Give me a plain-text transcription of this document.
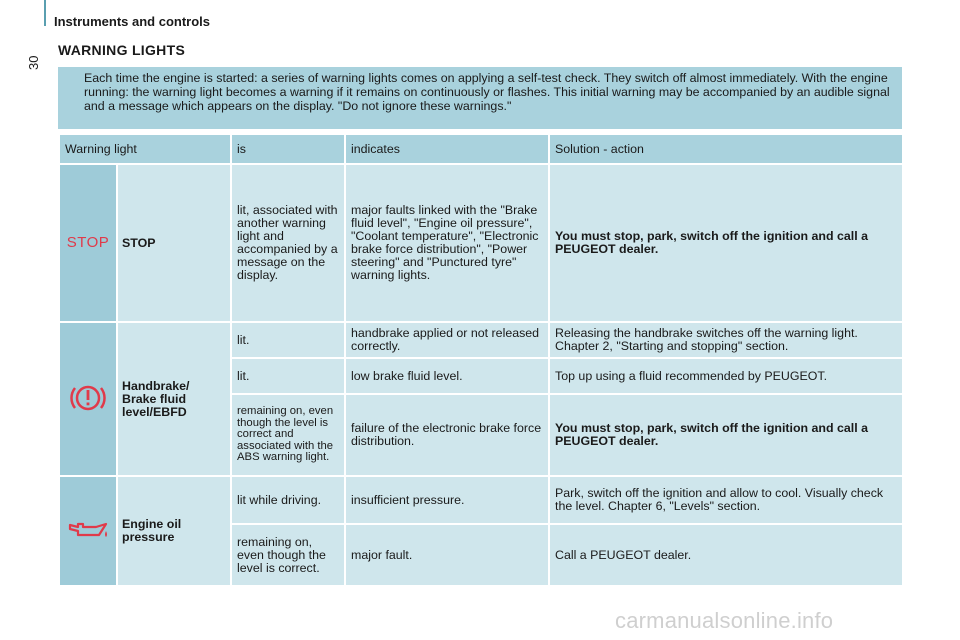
Instruments and controls
30
WARNING LIGHTS
Each time the engine is started: a series of warning lights comes on applying a self-test check. They switch off almost immediately. With the engine running: the warning light becomes a warning if it remains on continuously or flashes. This initial warning may be accompanied by an audible signal and a message which appears on the display. "Do not ignore these warnings."
Warning light		is	indicates	Solution - action
STOP	STOP	lit, associated with another warning light and accompanied by a message on the display.	major faults linked with the "Brake fluid level", "Engine oil pressure", "Coolant temperature", "Electronic brake force distribution", "Power steering" and "Punctured tyre" warning lights.	You must stop, park, switch off the ignition and call a PEUGEOT dealer.
	Handbrake/ Brake fluid level/EBFD	lit.	handbrake applied or not released correctly.	Releasing the handbrake switches off the warning light. Chapter 2, "Starting and stopping" section.
		lit.	low brake fluid level.	Top up using a fluid recommended by PEUGEOT.
		remaining on, even though the level is correct and associated with the ABS warning light.	failure of the electronic brake force distribution.	You must stop, park, switch off the ignition and call a PEUGEOT dealer.
	Engine oil pressure	lit while driving.	insufficient pressure.	Park, switch off the ignition and allow to cool. Visually check the level. Chapter 6, "Levels" section.
		remaining on, even though the level is correct.	major fault.	Call a PEUGEOT dealer.
carmanualsonline.info
